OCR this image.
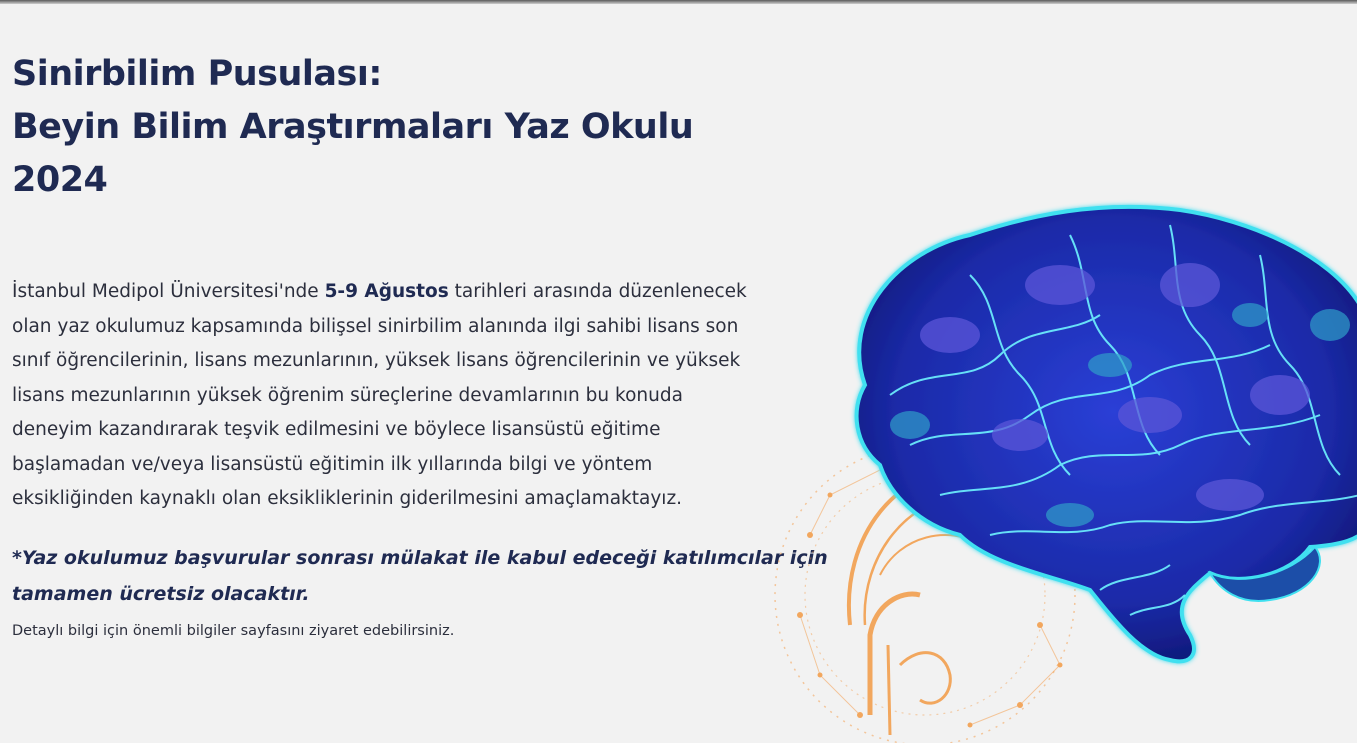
Sinirbilim Pusulası:
Beyin Bilim Araştırmaları Yaz Okulu
2024

İstanbul Medipol Üniversitesi'nde 5-9 Ağustos tarihleri arasında düzenlenecek
olan yaz okulumuz kapsamında bilişsel sinirbilim alanında ilgi sahibi lisans son
sınıf öğrencilerinin, lisans mezunlarının, yüksek lisans öğrencilerinin ve yüksek
lisans mezunlarının yüksek öğrenim süreçlerine devamlarının bu konuda
deneyim kazandırarak teşvik edilmesini ve böylece lisansüstü eğitime
başlamadan ve/veya lisansüstü eğitimin ilk yıllarında bilgi ve yöntem
eksikliğinden kaynaklı olan eksikliklerinin giderilmesini amaçlamaktayız.

*Yaz okulumuz başvurular sonrası mülakat ile kabul edeceği katılımcılar için
tamamen ücretsiz olacaktır.

Detaylı bilgi için önemli bilgiler sayfasını ziyaret edebilirsiniz.
